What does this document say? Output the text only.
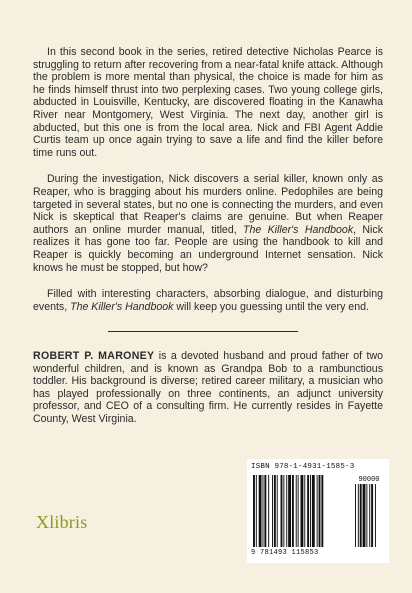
In this second book in the series, retired detective Nicholas Pearce is struggling to return after recovering from a near-fatal knife attack. Although the problem is more mental than physical, the choice is made for him as he finds himself thrust into two perplexing cases. Two young college girls, abducted in Louisville, Kentucky, are discovered floating in the Kanawha River near Montgomery, West Virginia. The next day, another girl is abducted, but this one is from the local area. Nick and FBI Agent Addie Curtis team up once again trying to save a life and find the killer before time runs out.

During the investigation, Nick discovers a serial killer, known only as Reaper, who is bragging about his murders online. Pedophiles are being targeted in several states, but no one is connecting the murders, and even Nick is skeptical that Reaper's claims are genuine. But when Reaper authors an online murder manual, titled, The Killer's Handbook, Nick realizes it has gone too far. People are using the handbook to kill and Reaper is quickly becoming an underground Internet sensation. Nick knows he must be stopped, but how?

Filled with interesting characters, absorbing dialogue, and disturbing events, The Killer's Handbook will keep you guessing until the very end.

ROBERT P. MARONEY is a devoted husband and proud father of two wonderful children, and is known as Grandpa Bob to a rambunctious toddler. His background is diverse; retired career military, a musician who has played professionally on three continents, an adjunct university professor, and CEO of a consulting firm. He currently resides in Fayette County, West Virginia.
Xlibris
ISBN 978-1-4931-1585-3
90000
9 781493 115853
